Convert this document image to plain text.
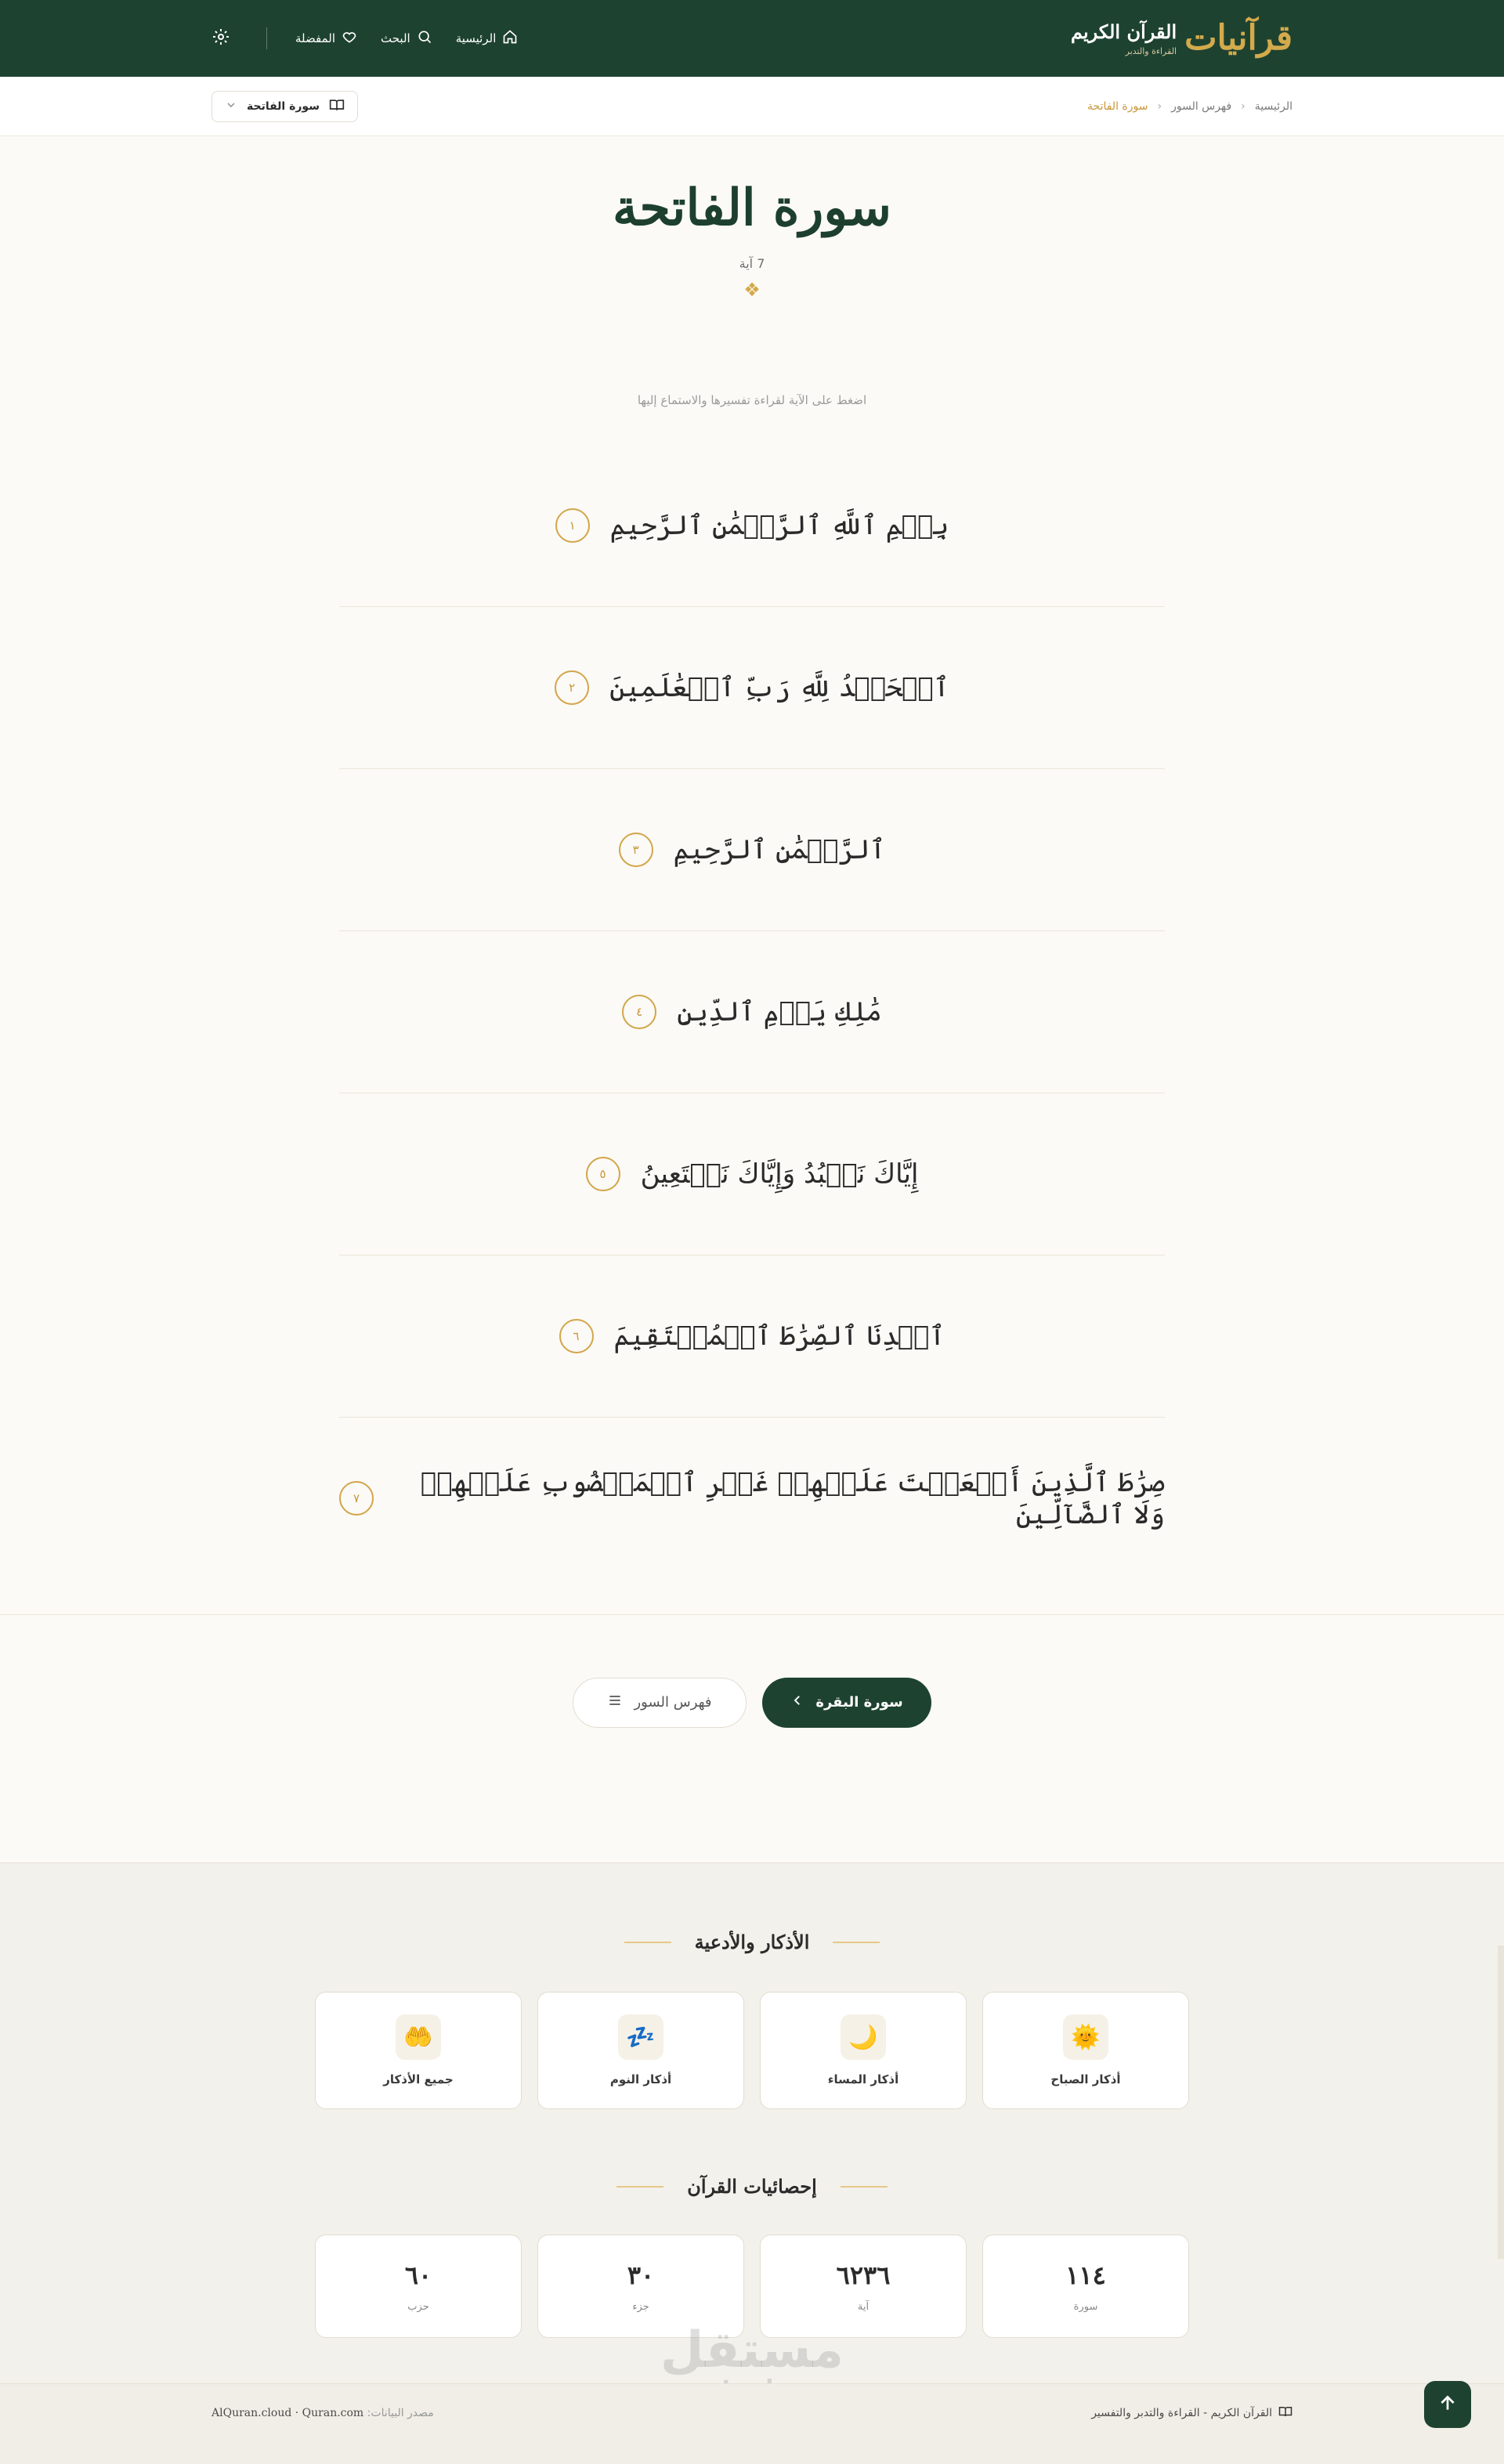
قرآنيات
القرآن الكريم
القراءة والتدبر
الرئيسية
البحث
المفضلة
الرئيسية
‹
فهرس السور
‹
سورة الفاتحة
سورة الفاتحة
سورة الفاتحة
7 آية
❖

اضغط على الآية لقراءة تفسيرها والاستماع إليها

بِسۡمِ ٱللَّهِ ٱلرَّحۡمَٰنِ ٱلرَّحِيمِ
١
ٱلۡحَمۡدُ لِلَّهِ رَبِّ ٱلۡعَٰلَمِينَ
٢
ٱلرَّحۡمَٰنِ ٱلرَّحِيمِ
٣
مَٰلِكِ يَوۡمِ ٱلدِّينِ
٤
إِيَّاكَ نَعۡبُدُ وَإِيَّاكَ نَسۡتَعِينُ
٥
ٱهۡدِنَا ٱلصِّرَٰطَ ٱلۡمُسۡتَقِيمَ
٦
صِرَٰطَ ٱلَّذِينَ أَنۡعَمۡتَ عَلَيۡهِمۡ غَيۡرِ ٱلۡمَغۡضُوبِ عَلَيۡهِمۡ وَلَا ٱلضَّآلِّينَ
٧
سورة البقرة
فهرس السور
الأذكار والأدعية
🌞
أذكار الصباح
🌙
أذكار المساء
💤
أذكار النوم
🤲
جميع الأذكار
إحصائيات القرآن
١١٤
سورة
٦٢٣٦
آية
٣٠
جزء
٦٠
حزب
مستقل
القرآن الكريم - القراءة والتدبر والتفسير
مصدر البيانات: AlQuran.cloud · Quran.com
